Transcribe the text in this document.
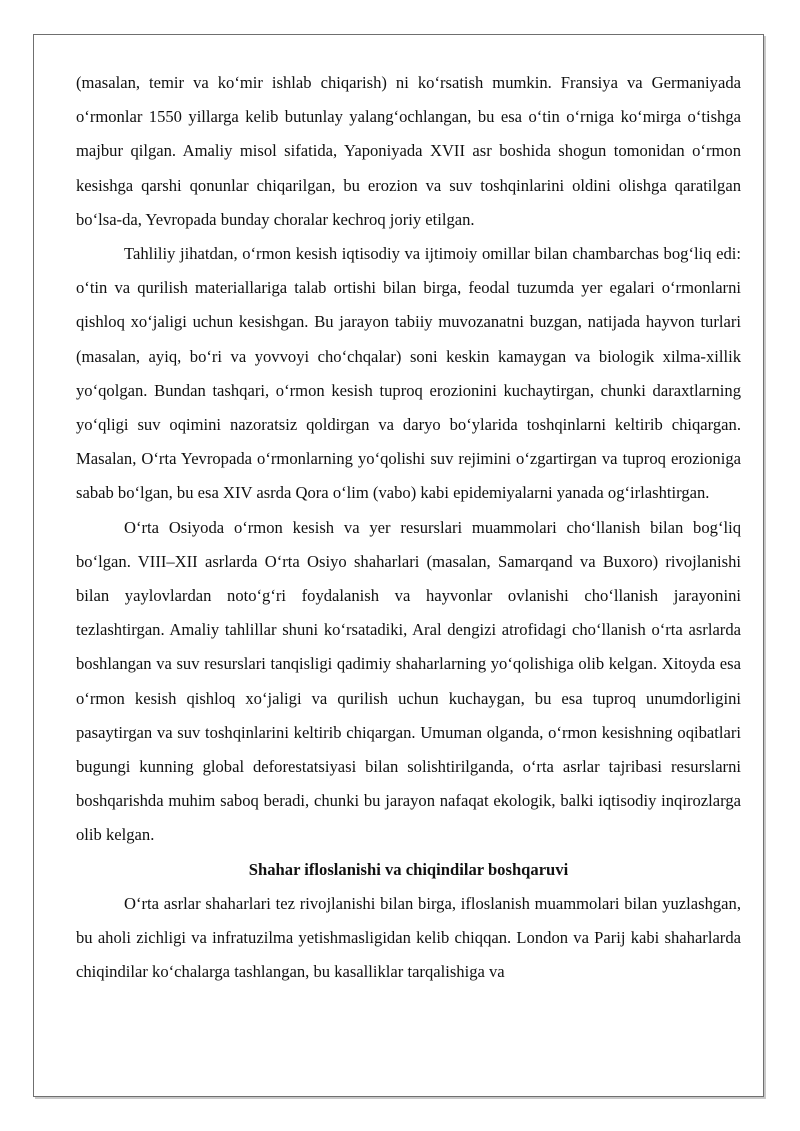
(masalan, temir va ko‘mir ishlab chiqarish) ni ko‘rsatish mumkin. Fransiya va Germaniyada o‘rmonlar 1550 yillarga kelib butunlay yalang‘ochlangan, bu esa o‘tin o‘rniga ko‘mirga o‘tishga majbur qilgan. Amaliy misol sifatida, Yaponiyada XVII asr boshida shogun tomonidan o‘rmon kesishga qarshi qonunlar chiqarilgan, bu erozion va suv toshqinlarini oldini olishga qaratilgan bo‘lsa-da, Yevropada bunday choralar kechroq joriy etilgan.

Tahliliy jihatdan, o‘rmon kesish iqtisodiy va ijtimoiy omillar bilan chambarchas bog‘liq edi: o‘tin va qurilish materiallariga talab ortishi bilan birga, feodal tuzumda yer egalari o‘rmonlarni qishloq xo‘jaligi uchun kesishgan. Bu jarayon tabiiy muvozanatni buzgan, natijada hayvon turlari (masalan, ayiq, bo‘ri va yovvoyi cho‘chqalar) soni keskin kamaygan va biologik xilma-xillik yo‘qolgan. Bundan tashqari, o‘rmon kesish tuproq erozionini kuchaytirgan, chunki daraxtlarning yo‘qligi suv oqimini nazoratsiz qoldirgan va daryo bo‘ylarida toshqinlarni keltirib chiqargan. Masalan, O‘rta Yevropada o‘rmonlarning yo‘qolishi suv rejimini o‘zgartirgan va tuproq erozioniga sabab bo‘lgan, bu esa XIV asrda Qora o‘lim (vabo) kabi epidemiyalarni yanada og‘irlashtirgan.

O‘rta Osiyoda o‘rmon kesish va yer resurslari muammolari cho‘llanish bilan bog‘liq bo‘lgan. VIII–XII asrlarda O‘rta Osiyo shaharlari (masalan, Samarqand va Buxoro) rivojlanishi bilan yaylovlardan noto‘g‘ri foydalanish va hayvonlar ovlanishi cho‘llanish jarayonini tezlashtirgan. Amaliy tahlillar shuni ko‘rsatadiki, Aral dengizi atrofidagi cho‘llanish o‘rta asrlarda boshlangan va suv resurslari tanqisligi qadimiy shaharlarning yo‘qolishiga olib kelgan. Xitoyda esa o‘rmon kesish qishloq xo‘jaligi va qurilish uchun kuchaygan, bu esa tuproq unumdorligini pasaytirgan va suv toshqinlarini keltirib chiqargan. Umuman olganda, o‘rmon kesishning oqibatlari bugungi kunning global deforestatsiyasi bilan solishtirilganda, o‘rta asrlar tajribasi resurslarni boshqarishda muhim saboq beradi, chunki bu jarayon nafaqat ekologik, balki iqtisodiy inqirozlarga olib kelgan.

Shahar ifloslanishi va chiqindilar boshqaruvi

O‘rta asrlar shaharlari tez rivojlanishi bilan birga, ifloslanish muammolari bilan yuzlashgan, bu aholi zichligi va infratuzilma yetishmasligidan kelib chiqqan. London va Parij kabi shaharlarda chiqindilar ko‘chalarga tashlangan, bu kasalliklar tarqalishiga va
